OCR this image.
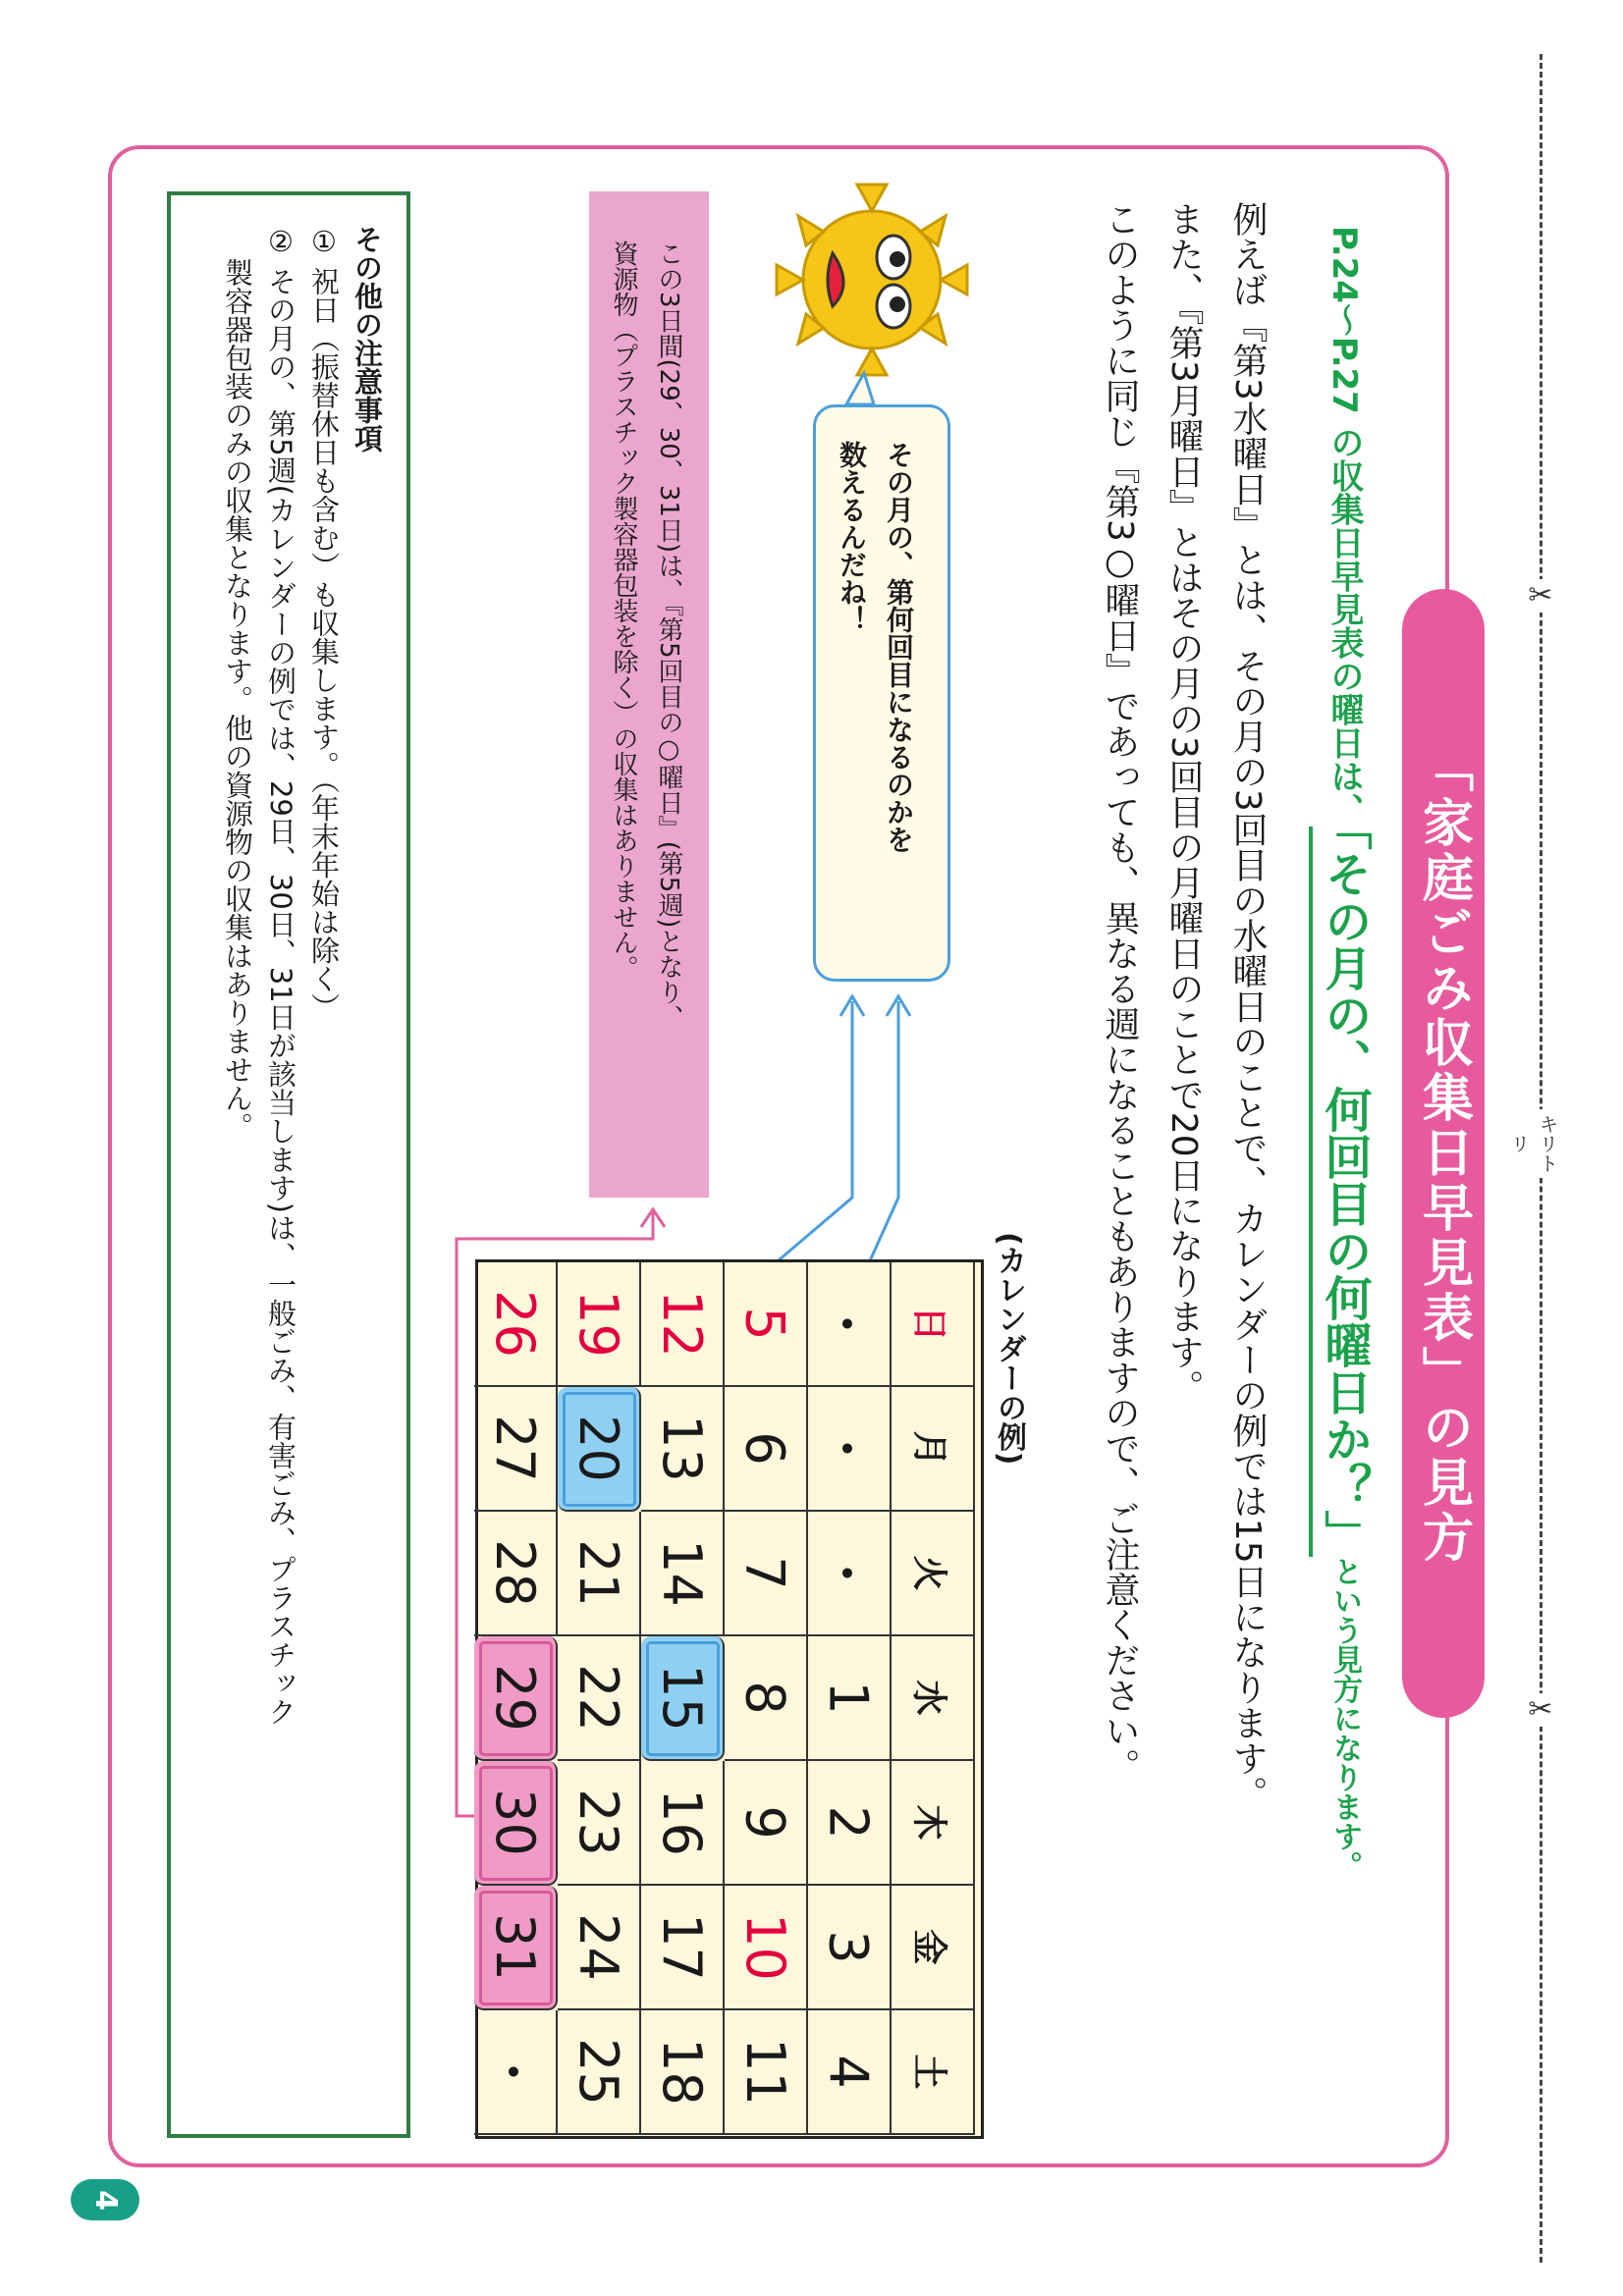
✂
✂
キリトリ
「家庭ごみ収集日早見表」の見方
P.24〜P.27 の収集日早見表の曜日は、「その月の、何回目の何曜日か？」という見方になります。
例えば『第3水曜日』とは、その月の3回目の水曜日のことで、カレンダーの例では15日になります。
また、『第3月曜日』とはその月の3回目の月曜日のことで20日になります。
このように同じ『第3○曜日』であっても、異なる週になることもありますので、ご注意ください。
その月の、第何回目になるのかを
数えるんだね！
この3日間(29、30、31日)は、『第5回目の○曜日』(第5週)となり、
資源物（プラスチック製容器包装を除く）の収集はありません。
(カレンダーの例)
日
月
火
水
木
金
土
・
・
・
1
2
3
4
5
6
7
8
9
10
11
12
13
14
15
16
17
18
19
20
21
22
23
24
25
26
27
28
29
30
31
・

その他の注意事項

① 祝日（振替休日も含む）も収集します。（年末年始は除く）

② その月の、第5週(カレンダーの例では、29日、30日、31日が該当します)は、一般ごみ、有害ごみ、プラスチック

製容器包装のみの収集となります。他の資源物の収集はありません。

4
